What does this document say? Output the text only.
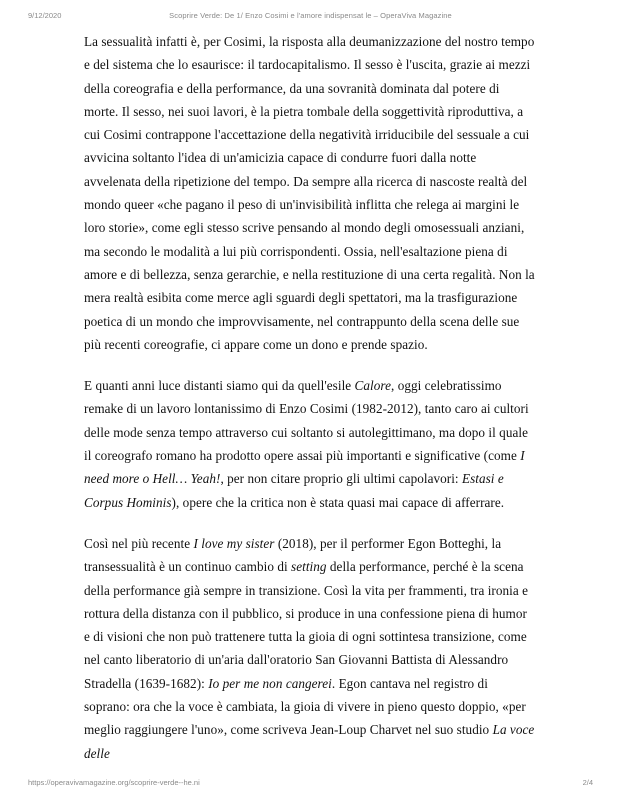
9/12/2020	Scoprire Verde: De 1/ Enzo Cosimi e l'amore indispensat le – OperaViva Magazine

La sessualità infatti è, per Cosimi, la risposta alla deumanizzazione del nostro tempo e del sistema che lo esaurisce: il tardocapitalismo. Il sesso è l'uscita, grazie ai mezzi della coreografia e della performance, da una sovranità dominata dal potere di morte. Il sesso, nei suoi lavori, è la pietra tombale della soggettività riproduttiva, a cui Cosimi contrappone l'accettazione della negatività irriducibile del sessuale a cui avvicina soltanto l'idea di un'amicizia capace di condurre fuori dalla notte avvelenata della ripetizione del tempo. Da sempre alla ricerca di nascoste realtà del mondo queer «che pagano il peso di un'invisibilità inflitta che relega ai margini le loro storie», come egli stesso scrive pensando al mondo degli omosessuali anziani, ma secondo le modalità a lui più corrispondenti. Ossia, nell'esaltazione piena di amore e di bellezza, senza gerarchie, e nella restituzione di una certa regalità. Non la mera realtà esibita come merce agli sguardi degli spettatori, ma la trasfigurazione poetica di un mondo che improvvisamente, nel contrappunto della scena delle sue più recenti coreografie, ci appare come un dono e prende spazio.

E quanti anni luce distanti siamo qui da quell'esile Calore, oggi celebratissimo remake di un lavoro lontanissimo di Enzo Cosimi (1982-2012), tanto caro ai cultori delle mode senza tempo attraverso cui soltanto si autolegittimano, ma dopo il quale il coreografo romano ha prodotto opere assai più importanti e significative (come I need more o Hell… Yeah!, per non citare proprio gli ultimi capolavori: Estasi e Corpus Hominis), opere che la critica non è stata quasi mai capace di afferrare.

Così nel più recente I love my sister (2018), per il performer Egon Botteghi, la transessualità è un continuo cambio di setting della performance, perché è la scena della performance già sempre in transizione. Così la vita per frammenti, tra ironia e rottura della distanza con il pubblico, si produce in una confessione piena di humor e di visioni che non può trattenere tutta la gioia di ogni sottintesa transizione, come nel canto liberatorio di un'aria dall'oratorio San Giovanni Battista di Alessandro Stradella (1639-1682): Io per me non cangerei. Egon cantava nel registro di soprano: ora che la voce è cambiata, la gioia di vivere in pieno questo doppio, «per meglio raggiungere l'uno», come scriveva Jean-Loup Charvet nel suo studio La voce delle

https://operavivamagazine.org/scoprire-verde--he.ni	2/4
